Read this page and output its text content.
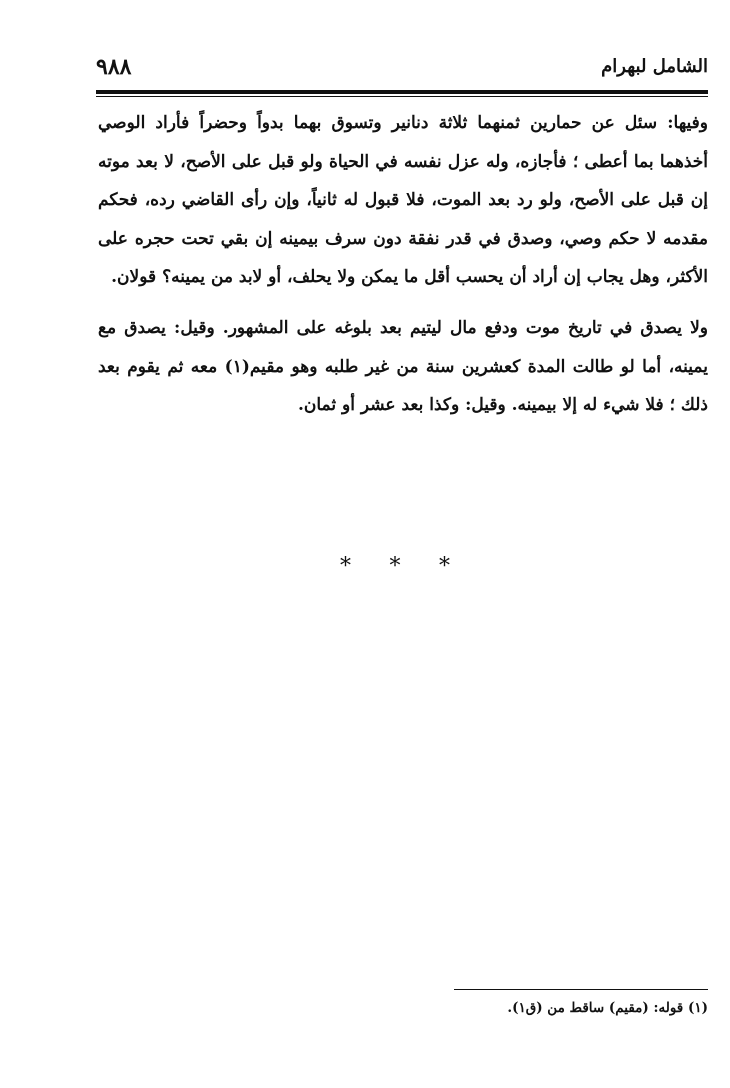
٩٨٨	الشامل لبهرام

وفيها: سئل عن حمارين ثمنهما ثلاثة دنانير وتسوق بهما بدواً وحضراً فأراد الوصي أخذهما بما أعطى ؛ فأجازه، وله عزل نفسه في الحياة ولو قبل على الأصح، لا بعد موته إن قبل على الأصح، ولو رد بعد الموت، فلا قبول له ثانياً، وإن رأى القاضي رده، فحكم مقدمه لا حكم وصي، وصدق في قدر نفقة دون سرف بيمينه إن بقي تحت حجره على الأكثر، وهل يجاب إن أراد أن يحسب أقل ما يمكن ولا يحلف، أو لابد من يمينه؟ قولان.

ولا يصدق في تاريخ موت ودفع مال ليتيم بعد بلوغه على المشهور. وقيل: يصدق مع يمينه، أما لو طالت المدة كعشرين سنة من غير طلبه وهو مقيم(١) معه ثم يقوم بعد ذلك ؛ فلا شيء له إلا بيمينه. وقيل: وكذا بعد عشر أو ثمان.

* * *
(١) قوله: (مقيم) ساقط من (ق١).
